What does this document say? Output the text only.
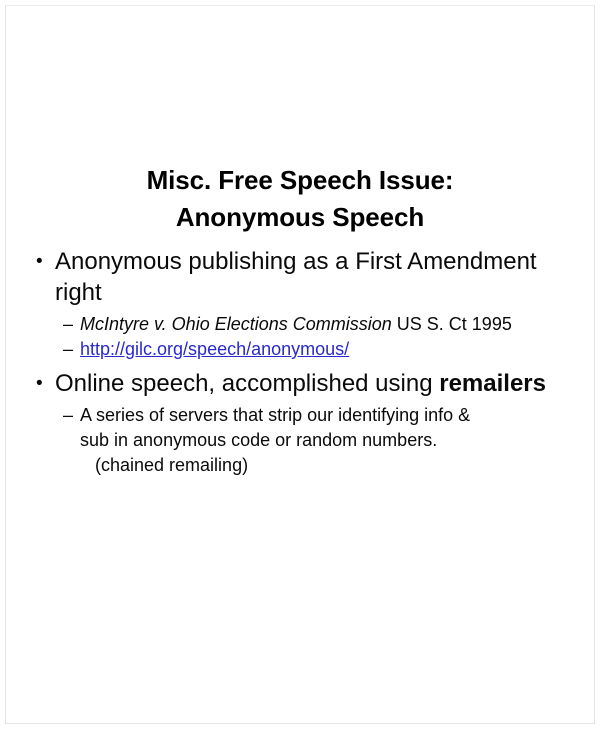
Misc. Free Speech Issue:
Anonymous Speech
• Anonymous publishing as a First Amendment right
– McIntyre v. Ohio Elections Commission US S. Ct 1995
– http://gilc.org/speech/anonymous/
• Online speech, accomplished using remailers
– A series of servers that strip our identifying info &
sub in anonymous code or random numbers.
(chained remailing)
